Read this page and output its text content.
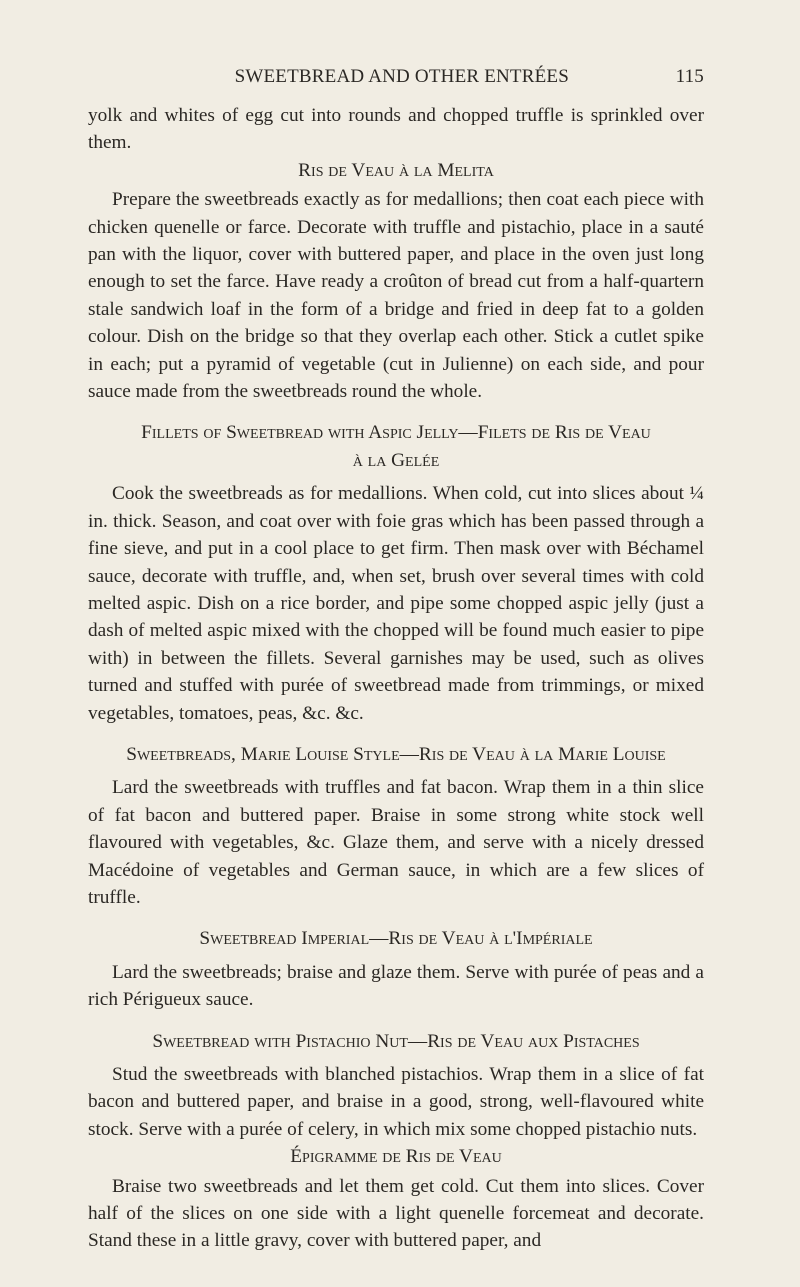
SWEETBREAD AND OTHER ENTRÉES	115

yolk and whites of egg cut into rounds and chopped truffle is sprinkled over them.

Ris de Veau à la Melita

Prepare the sweetbreads exactly as for medallions; then coat each piece with chicken quenelle or farce. Decorate with truffle and pistachio, place in a sauté pan with the liquor, cover with buttered paper, and place in the oven just long enough to set the farce. Have ready a croûton of bread cut from a half-quartern stale sandwich loaf in the form of a bridge and fried in deep fat to a golden colour. Dish on the bridge so that they overlap each other. Stick a cutlet spike in each; put a pyramid of vegetable (cut in Julienne) on each side, and pour sauce made from the sweetbreads round the whole.

Fillets of Sweetbread with Aspic Jelly—Filets de Ris de Veau
à la Gelée

Cook the sweetbreads as for medallions. When cold, cut into slices about ¼ in. thick. Season, and coat over with foie gras which has been passed through a fine sieve, and put in a cool place to get firm. Then mask over with Béchamel sauce, decorate with truffle, and, when set, brush over several times with cold melted aspic. Dish on a rice border, and pipe some chopped aspic jelly (just a dash of melted aspic mixed with the chopped will be found much easier to pipe with) in between the fillets. Several garnishes may be used, such as olives turned and stuffed with purée of sweetbread made from trimmings, or mixed vegetables, tomatoes, peas, &c. &c.

Sweetbreads, Marie Louise Style—Ris de Veau à la Marie Louise

Lard the sweetbreads with truffles and fat bacon. Wrap them in a thin slice of fat bacon and buttered paper. Braise in some strong white stock well flavoured with vegetables, &c. Glaze them, and serve with a nicely dressed Macédoine of vegetables and German sauce, in which are a few slices of truffle.

Sweetbread Imperial—Ris de Veau à l'Impériale

Lard the sweetbreads; braise and glaze them. Serve with purée of peas and a rich Périgueux sauce.

Sweetbread with Pistachio Nut—Ris de Veau aux Pistaches

Stud the sweetbreads with blanched pistachios. Wrap them in a slice of fat bacon and buttered paper, and braise in a good, strong, well-flavoured white stock. Serve with a purée of celery, in which mix some chopped pistachio nuts.

Épigramme de Ris de Veau

Braise two sweetbreads and let them get cold. Cut them into slices. Cover half of the slices on one side with a light quenelle forcemeat and decorate. Stand these in a little gravy, cover with buttered paper, and
